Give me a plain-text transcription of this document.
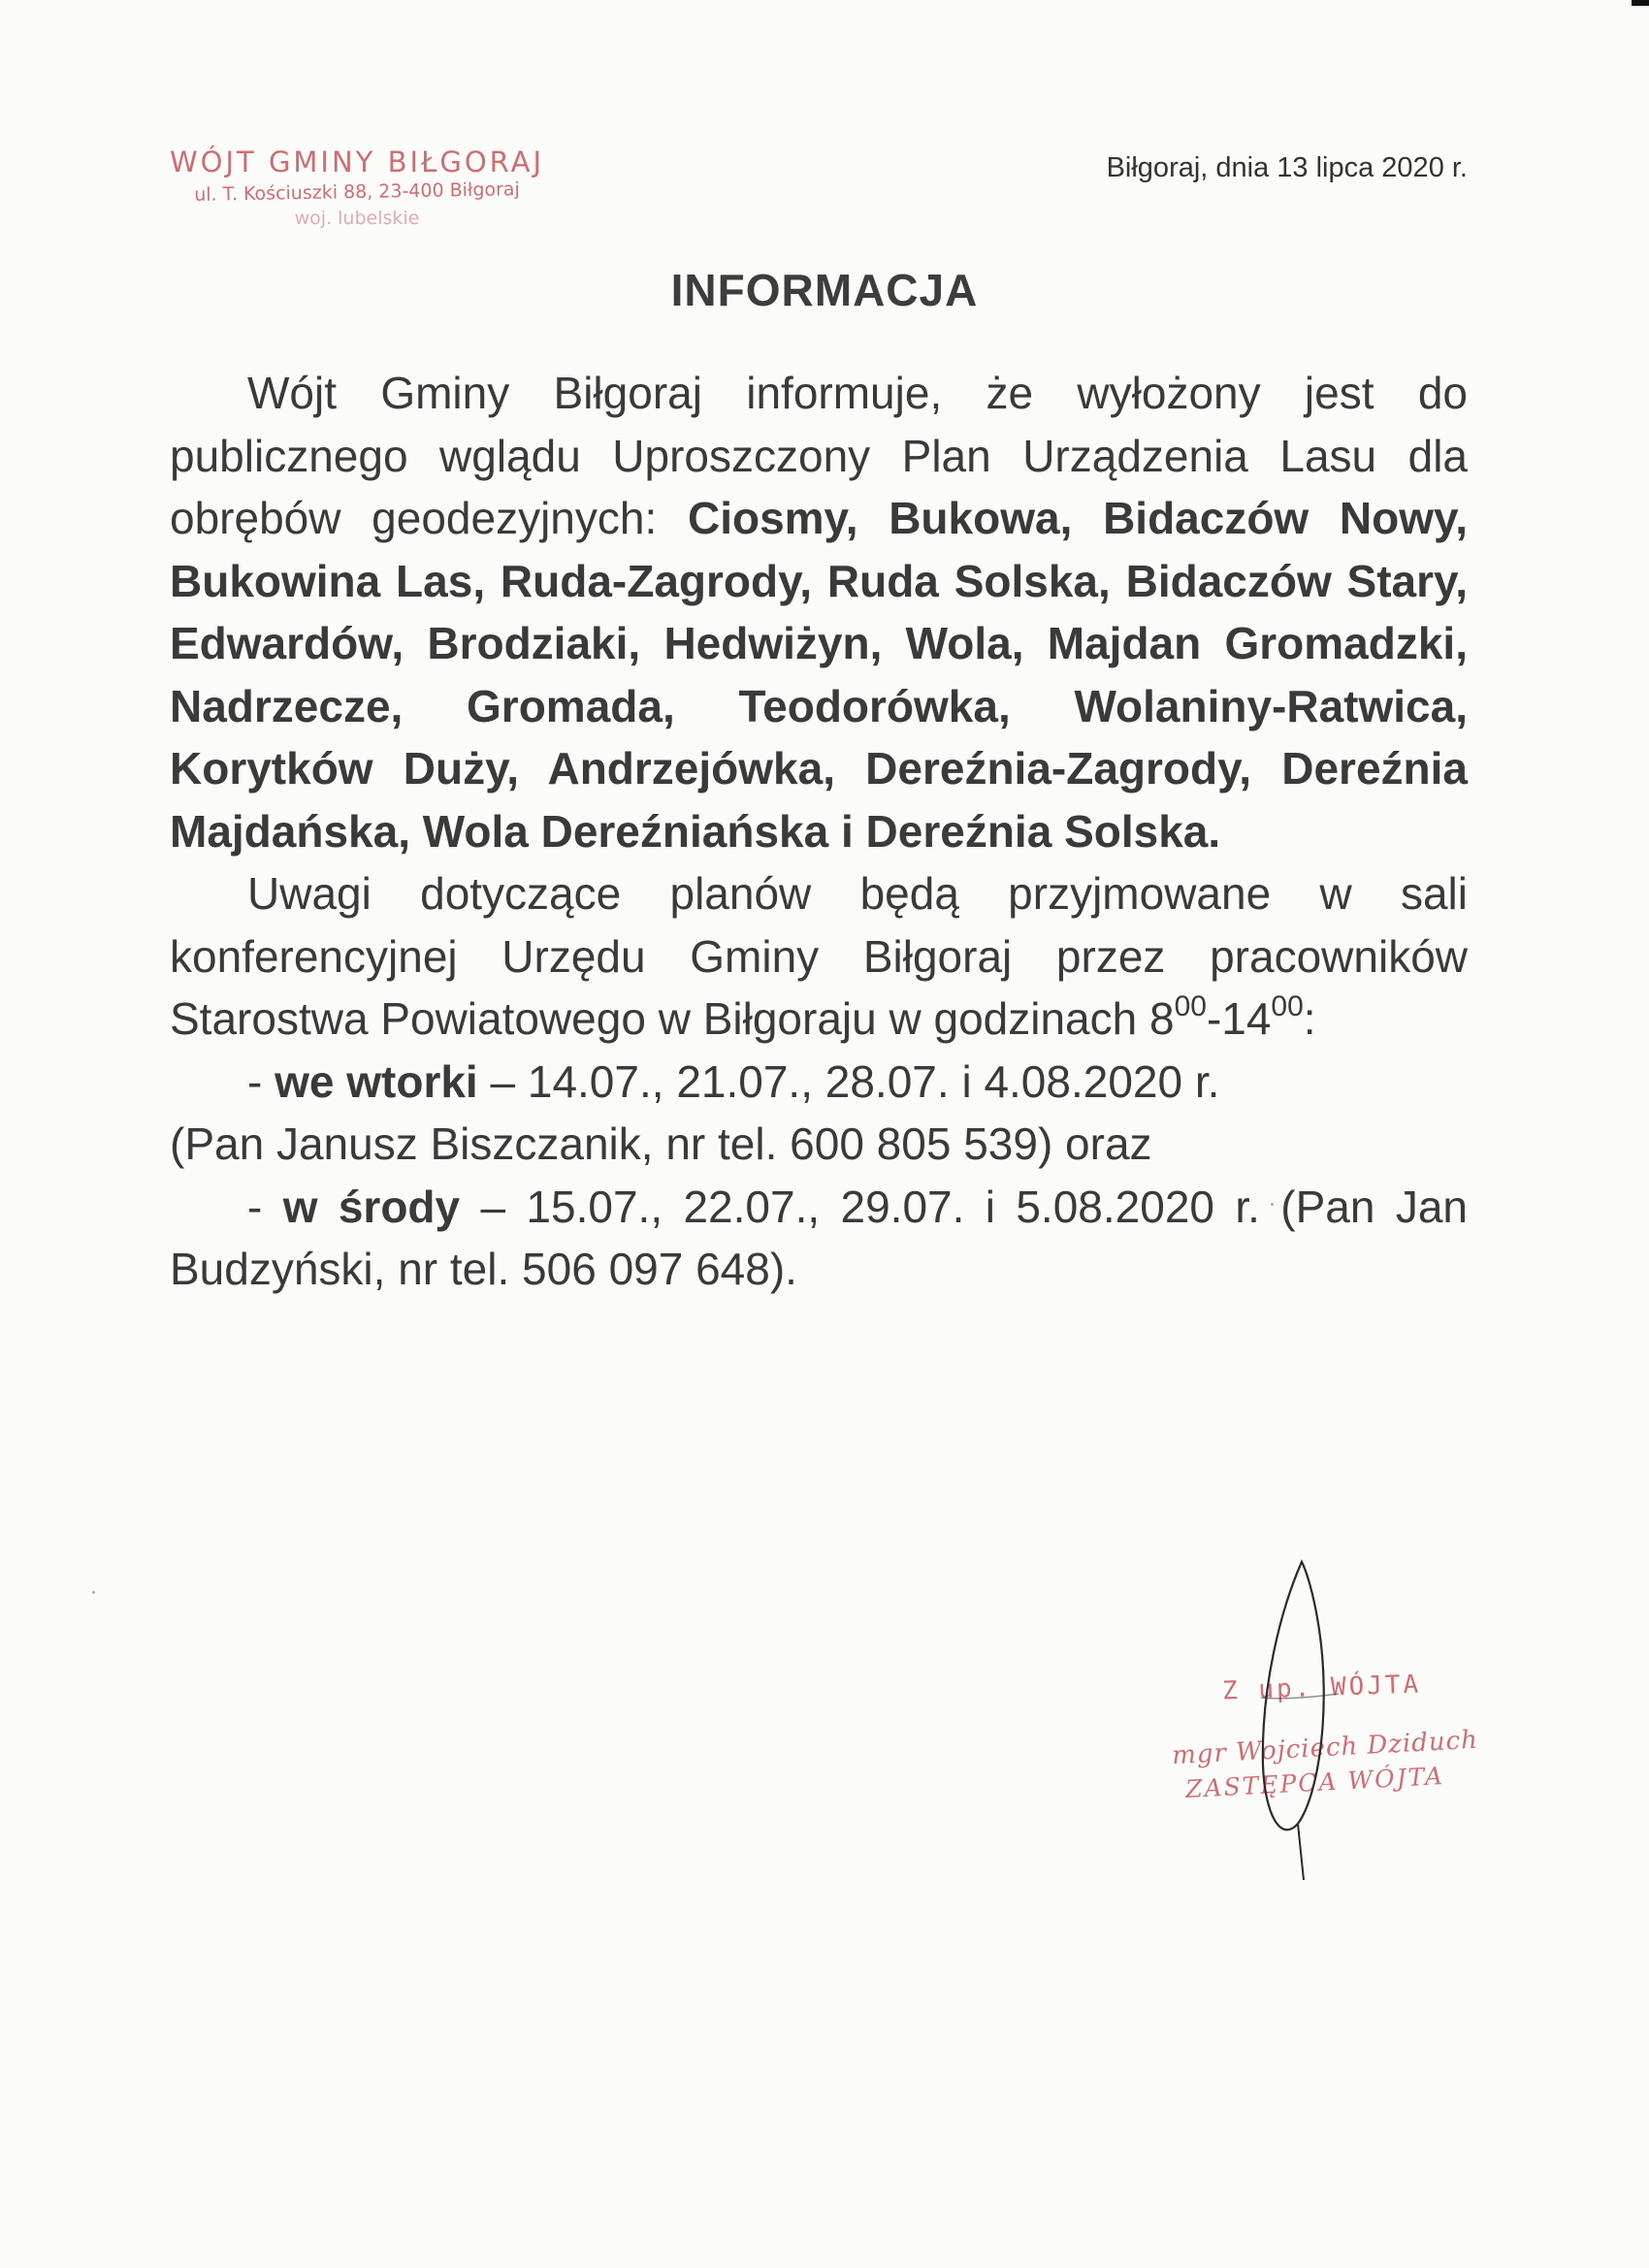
WÓJT GMINY BIŁGORAJ
ul. T. Kościuszki 88, 23-400 Biłgoraj
woj. lubelskie
Biłgoraj, dnia 13 lipca 2020 r.
INFORMACJA

Wójt Gminy Biłgoraj informuje, że wyłożony jest do publicznego wglądu Uproszczony Plan Urządzenia Lasu dla obrębów geodezyjnych: Ciosmy, Bukowa, Bidaczów Nowy, Bukowina Las, Ruda-Zagrody, Ruda Solska, Bidaczów Stary, Edwardów, Brodziaki, Hedwiżyn, Wola, Majdan Gromadzki, Nadrzecze, Gromada, Teodorówka, Wolaniny-Ratwica, Korytków Duży, Andrzejówka, Dereźnia-Zagrody, Dereźnia Majdańska, Wola Dereźniańska i Dereźnia Solska.

Uwagi dotyczące planów będą przyjmowane w sali konferencyjnej Urzędu Gminy Biłgoraj przez pracowników Starostwa Powiatowego w Biłgoraju w godzinach $8^{00}-14^{00}$:

- we wtorki – 14.07., 21.07., 28.07. i 4.08.2020 r.

(Pan Janusz Biszczanik, nr tel. 600 805 539) oraz

- w środy – 15.07., 22.07., 29.07. i 5.08.2020 r. (Pan Jan Budzyński, nr tel. 506 097 648).

Z up. WÓJTA
mgr Wojciech Dziduch
ZASTĘPCA WÓJTA
